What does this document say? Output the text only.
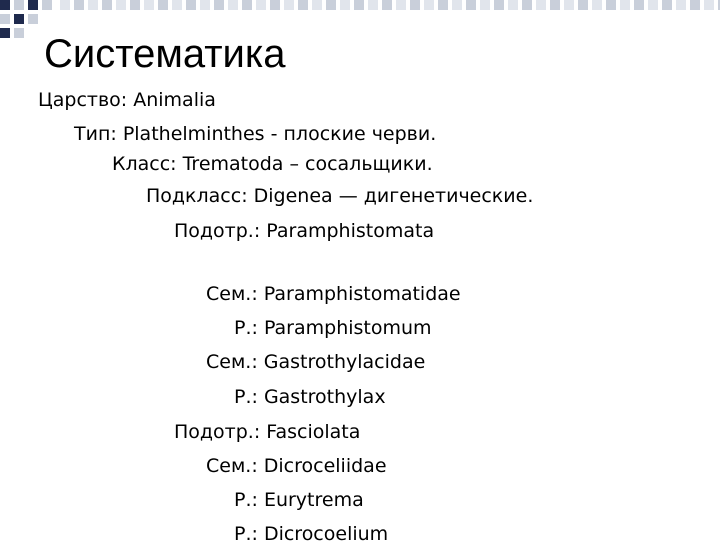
Систематика

Царство: Animalia

Тип: Plathelminthes - плоские черви.

Класс: Trematoda – сосальщики.

Подкласс: Digenea — дигенетические.

Подотр.: Paramphistomata

Сем.: Paramphistomatidae

Р.: Paramphistomum

Сем.: Gastrothylacidae

Р.: Gastrothylax

Подотр.: Fasciolata

Сем.: Dicroceliidae

Р.: Eurytrema

Р.: Dicrocoelium
